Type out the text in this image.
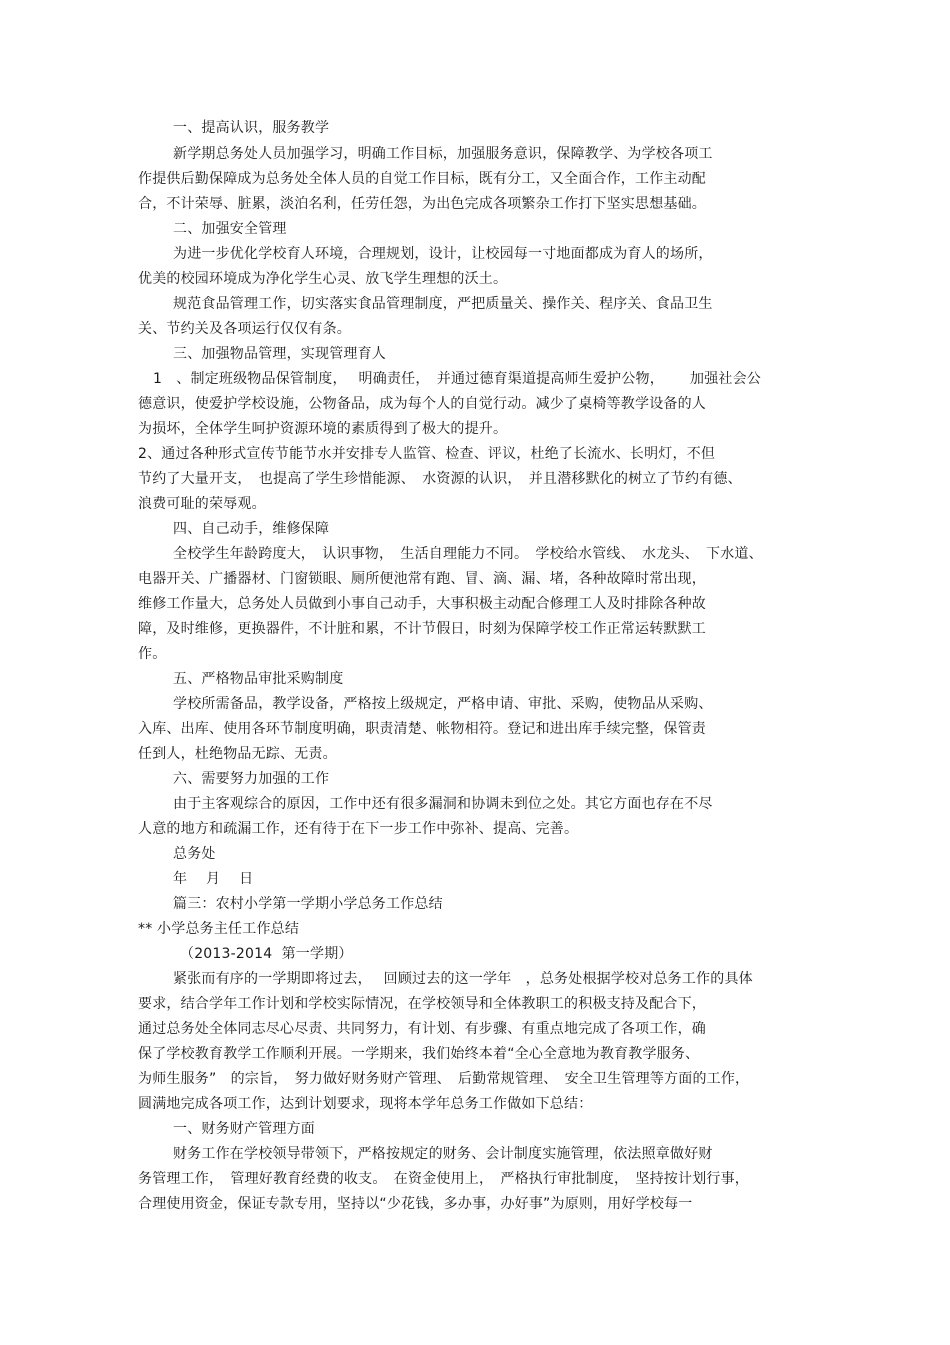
一、提高认识，服务教学
新学期总务处人员加强学习，明确工作目标，加强服务意识，保障教学、为学校各项工
作提供后勤保障成为总务处全体人员的自觉工作目标，既有分工，又全面合作，工作主动配
合，不计荣辱、脏累，淡泊名利，任劳任怨，为出色完成各项繁杂工作打下坚实思想基础。
二、加强安全管理
为进一步优化学校育人环境，合理规划，设计，让校园每一寸地面都成为育人的场所，
优美的校园环境成为净化学生心灵、放飞学生理想的沃土。
规范食品管理工作，切实落实食品管理制度，严把质量关、操作关、程序关、食品卫生
关、节约关及各项运行仅仅有条。
三、加强物品管理，实现管理育人
1　、制定班级物品保管制度，　 明确责任，　并通过德育渠道提高师生爱护公物，　　 加强社会公
德意识，使爱护学校设施，公物备品，成为每个人的自觉行动。减少了桌椅等教学设备的人
为损坏，全体学生呵护资源环境的素质得到了极大的提升。
2、通过各种形式宣传节能节水并安排专人监管、检查、评议，杜绝了长流水、长明灯，不但
节约了大量开支，　也提高了学生珍惜能源、　水资源的认识，　并且潜移默化的树立了节约有德、
浪费可耻的荣辱观。
四、自己动手，维修保障
全校学生年龄跨度大，　认识事物，　生活自理能力不同。　学校给水管线、　水龙头、　下水道、
电器开关、广播器材、门窗锁眼、厕所便池常有跑、冒、滴、漏、堵，各种故障时常出现，
维修工作量大，总务处人员做到小事自己动手，大事积极主动配合修理工人及时排除各种故
障，及时维修，更换器件，不计脏和累，不计节假日，时刻为保障学校工作正常运转默默工
作。
五、严格物品审批采购制度
学校所需备品，教学设备，严格按上级规定，严格申请、审批、采购，使物品从采购、
入库、出库、使用各环节制度明确，职责清楚、帐物相符。登记和进出库手续完整，保管责
任到人，杜绝物品无踪、无责。
六、需要努力加强的工作
由于主客观综合的原因，工作中还有很多漏洞和协调未到位之处。其它方面也存在不尽
人意的地方和疏漏工作，还有待于在下一步工作中弥补、提高、完善。
总务处
年　 月　 日
篇三：农村小学第一学期小学总务工作总结
** 小学总务主任工作总结
（2013-2014  第一学期）
紧张而有序的一学期即将过去，　 回顾过去的这一学年　，总务处根据学校对总务工作的具体
要求，结合学年工作计划和学校实际情况，在学校领导和全体教职工的积极支持及配合下，
通过总务处全体同志尽心尽责、共同努力，有计划、有步骤、有重点地完成了各项工作，确
保了学校教育教学工作顺利开展。一学期来，我们始终本着“全心全意地为教育教学服务、
为师生服务”　的宗旨，　努力做好财务财产管理、　后勤常规管理、　安全卫生管理等方面的工作，
圆满地完成各项工作，达到计划要求，现将本学年总务工作做如下总结：
一、财务财产管理方面
财务工作在学校领导带领下，严格按规定的财务、会计制度实施管理，依法照章做好财
务管理工作，　管理好教育经费的收支。　在资金使用上，　严格执行审批制度，　坚持按计划行事，
合理使用资金，保证专款专用，坚持以“少花钱，多办事，办好事”为原则，用好学校每一
